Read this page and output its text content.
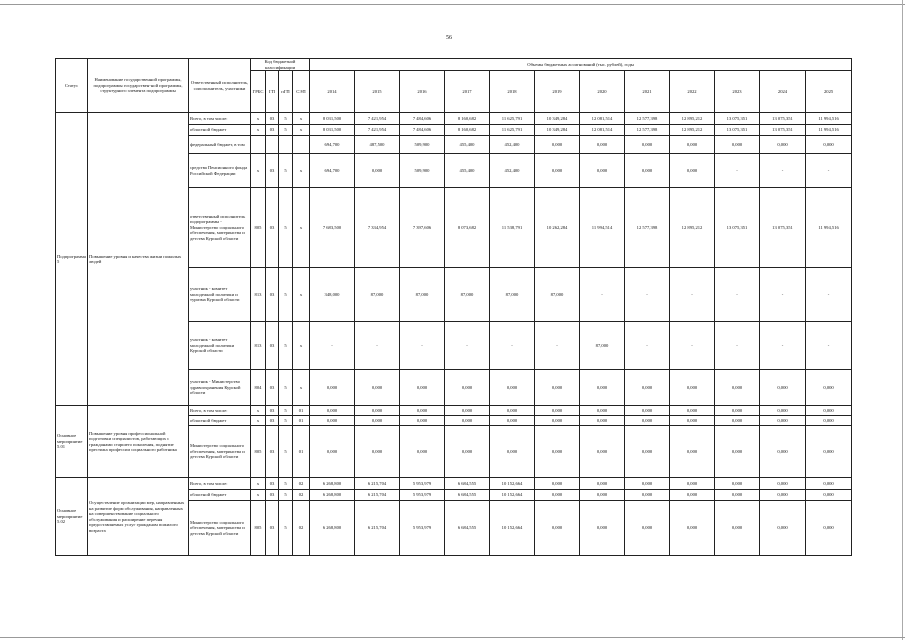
56
Статус	Наименование государственной программы, подпрограммы государствен-ной программы, структурного элемента подпрограммы	Ответственный исполнитель, соисполнитель, участники	Код бюджетной классификации				Объемы бюджетных ассигнований (тыс. рублей), годы											
			ГРБС	ГП	пГП	СЭП	2014	2015	2016	2017	2018	2019	2020	2021	2022	2023	2024	2025
Подпрограмма 5	Повышение уровня и качества жизни пожилых людей	Всего, в том числе:	х	03	5	х	8 031,500	7 421,954	7 484,606	8 160,682	11 625,791	10 349,284	12 081,514	12 577,398	12 895,212	13 075,351	13 075,351	11 994,516
		областной бюджет	х	03	5	х	8 031,500	7 421,954	7 484,606	8 160,682	11 625,791	10 349,284	12 081,514	12 577,398	12 895,212	13 075,351	13 075,351	11 994,516
		федеральный бюджет, в том					694,700	487,500	509,900	455,400	452,400	0,000	0,000	0,000	0,000	0,000	0,000	0,000
		средства Пенсионного фонда Российской Федерации	х	03	5	х	694,700	0,000	509,900	455,400	452,400	0,000	0,000	0,000	0,000	-	-	-
		ответственный исполнитель подпрограммы - Министерство социального обеспечения, материнства и детства Курской области	805	03	5	х	7 683,500	7 334,954	7 397,606	8 073,682	11 538,791	10 262,284	11 994,514	12 577,398	12 895,212	13 075,351	13 075,351	11 994,516
		участник - комитет молодежной политики и туризма Курской области	813	03	5	х	348,000	87,000	87,000	87,000	87,000	87,000	-	-	-	-	-	-
		участник - комитет молодежной политики Курской области	813	03	5	х	-	-	-	-	-	-	87,000	-	-	-	-	-
		участник - Министерство здравоохранения Курской области	804	03	5	х	0,000	0,000	0,000	0,000	0,000	0,000	0,000	0,000	0,000	0,000	0,000	0,000
Основное мероприятие 5.01	Повышение уровня профессиональной подготовки специалистов, работающих с гражданами старшего поколения, поднятие престижа профессии социального работника	Всего, в том числе:	х	03	5	01	0,000	0,000	0,000	0,000	0,000	0,000	0,000	0,000	0,000	0,000	0,000	0,000
		областной бюджет	х	03	5	01	0,000	0,000	0,000	0,000	0,000	0,000	0,000	0,000	0,000	0,000	0,000	0,000
		Министерство социального обеспечения, материнства и детства Курской области	805	03	5	01	0,000	0,000	0,000	0,000	0,000	0,000	0,000	0,000	0,000	0,000	0,000	0,000
Основное мероприятие 5.02	Осуществление организации мер, направленных на развитие форм обслуживания, направленных на совершенствование социального обслуживания и расширение перечня предоставляемых услуг гражданам пожилого возраста	Всего, в том числе:	х	03	5	02	6 268,800	6 215,704	5 953,979	6 684,555	10 152,664	0,000	0,000	0,000	0,000	0,000	0,000	0,000
		областной бюджет	х	03	5	02	6 268,800	6 215,704	5 953,979	6 684,555	10 152,664	0,000	0,000	0,000	0,000	0,000	0,000	0,000
		Министерство социального обеспечения, материнства и детства Курской области	805	03	5	02	6 268,800	6 215,704	5 953,979	6 684,555	10 152,664	0,000	0,000	0,000	0,000	0,000	0,000	0,000
